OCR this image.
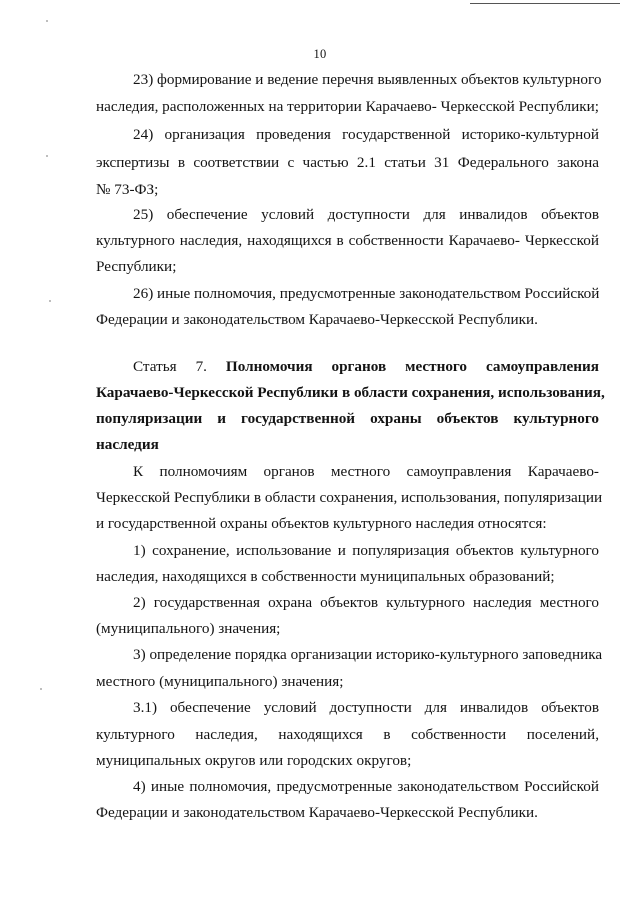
10
23) формирование и ведение перечня выявленных объектов культурного
наследия, расположенных на территории Карачаево- Черкесской Республики;
24) организация проведения государственной историко-культурной
экспертизы в соответствии с частью 2.1 статьи 31 Федерального закона
№ 73-ФЗ;
25) обеспечение условий доступности для инвалидов объектов
культурного наследия, находящихся в собственности Карачаево- Черкесской
Республики;
26) иные полномочия, предусмотренные законодательством Российской
Федерации и законодательством Карачаево-Черкесской Республики.
Статья 7. Полномочия органов местного самоуправления
Карачаево-Черкесской Республики в области сохранения, использования,
популяризации и государственной охраны объектов культурного
наследия
К полномочиям органов местного самоуправления Карачаево-
Черкесской Республики в области сохранения, использования, популяризации
и государственной охраны объектов культурного наследия относятся:
1) сохранение, использование и популяризация объектов культурного
наследия, находящихся в собственности муниципальных образований;
2) государственная охрана объектов культурного наследия местного
(муниципального) значения;
3) определение порядка организации историко-культурного заповедника
местного (муниципального) значения;
3.1) обеспечение условий доступности для инвалидов объектов
культурного наследия, находящихся в собственности поселений,
муниципальных округов или городских округов;
4) иные полномочия, предусмотренные законодательством Российской
Федерации и законодательством Карачаево-Черкесской Республики.
